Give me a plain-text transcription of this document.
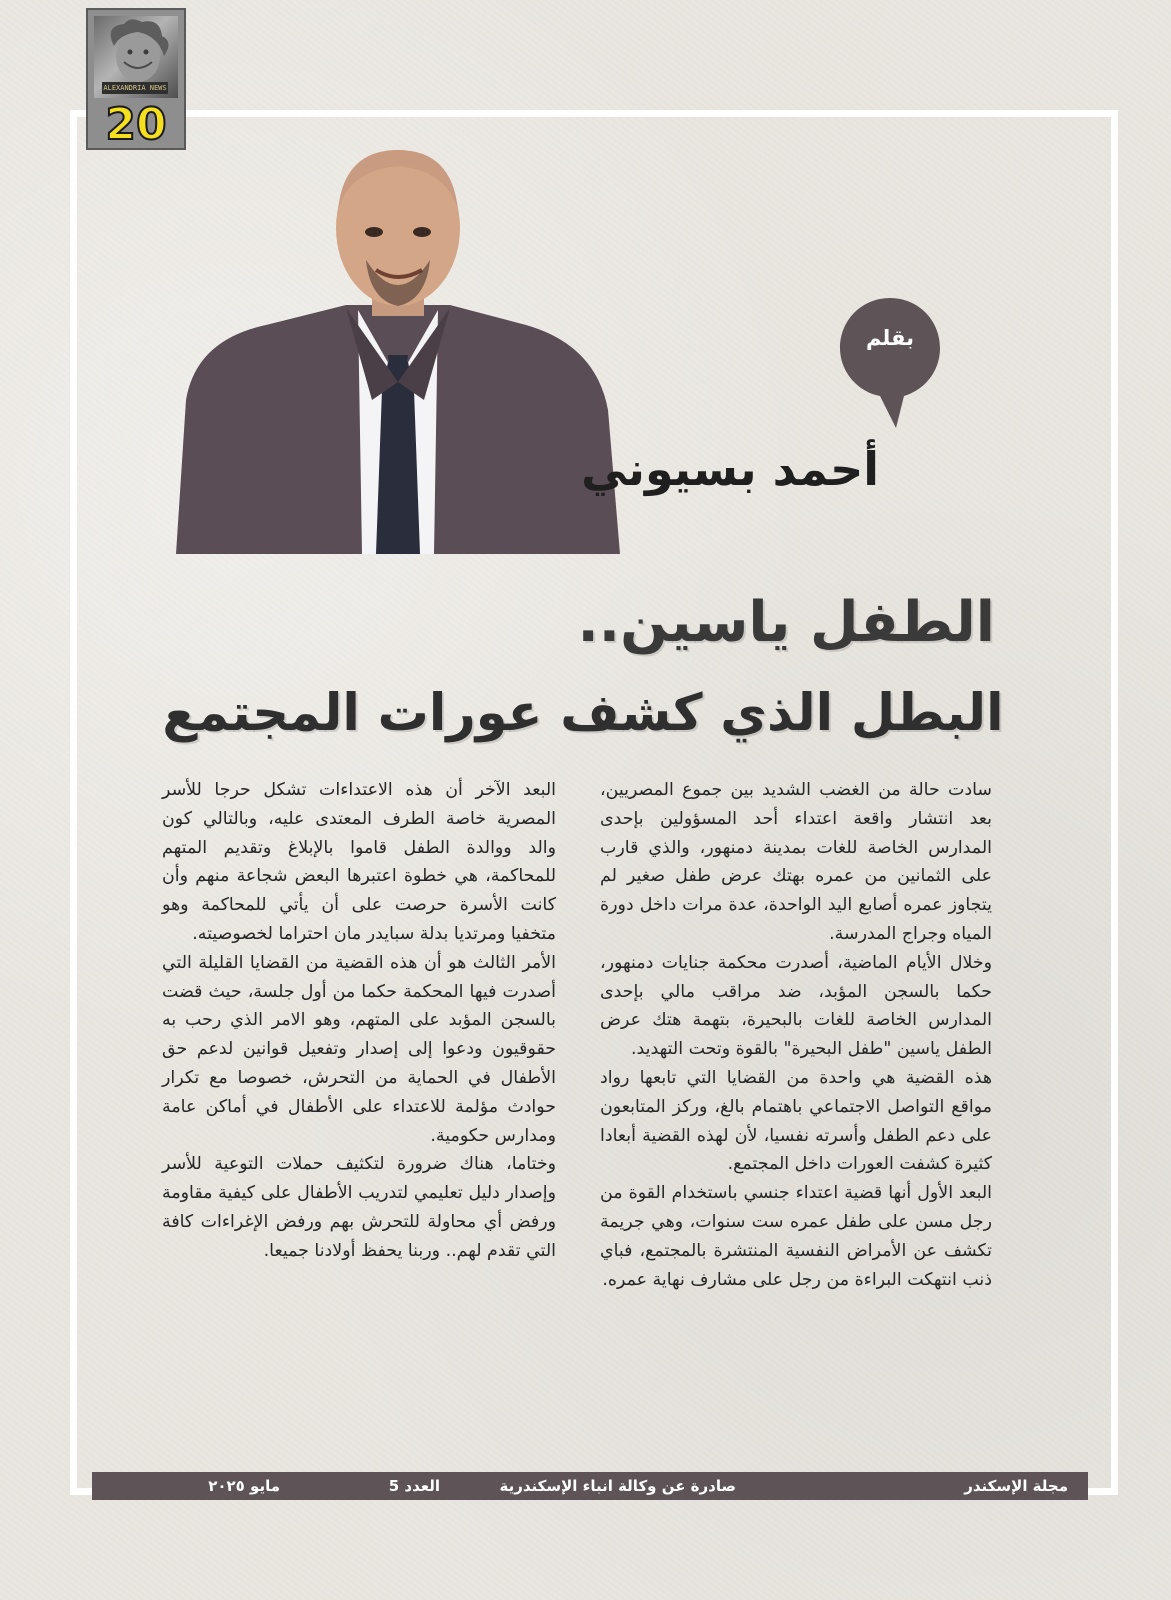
ALEXANDRIA NEWS
20
بقلم
أحمد بسيوني
الطفل ياسين..
البطل الذي كشف عورات المجتمع

سادت حالة من الغضب الشديد بين جموع المصريين، بعد انتشار واقعة اعتداء أحد المسؤولين بإحدى المدارس الخاصة للغات بمدينة دمنهور، والذي قارب على الثمانين من عمره بهتك عرض طفل صغير لم يتجاوز عمره أصابع اليد الواحدة، عدة مرات داخل دورة المياه وجراج المدرسة.

وخلال الأيام الماضية، أصدرت محكمة جنايات دمنهور، حكما بالسجن المؤبد، ضد مراقب مالي بإحدى المدارس الخاصة للغات بالبحيرة، بتهمة هتك عرض الطفل ياسين "طفل البحيرة" بالقوة وتحت التهديد.

هذه القضية هي واحدة من القضايا التي تابعها رواد مواقع التواصل الاجتماعي باهتمام بالغ، وركز المتابعون على دعم الطفل وأسرته نفسيا، لأن لهذه القضية أبعادا كثيرة كشفت العورات داخل المجتمع.

البعد الأول أنها قضية اعتداء جنسي باستخدام القوة من رجل مسن على طفل عمره ست سنوات، وهي جريمة تكشف عن الأمراض النفسية المنتشرة بالمجتمع، فباي ذنب انتهكت البراءة من رجل على مشارف نهاية عمره.

البعد الآخر أن هذه الاعتداءات تشكل حرجا للأسر المصرية خاصة الطرف المعتدى عليه، وبالتالي كون والد ووالدة الطفل قاموا بالإبلاغ وتقديم المتهم للمحاكمة، هي خطوة اعتبرها البعض شجاعة منهم وأن كانت الأسرة حرصت على أن يأتي للمحاكمة وهو متخفيا ومرتديا بدلة سبايدر مان احتراما لخصوصيته.

الأمر الثالث هو أن هذه القضية من القضايا القليلة التي أصدرت فيها المحكمة حكما من أول جلسة، حيث قضت بالسجن المؤبد على المتهم، وهو الامر الذي رحب به حقوقيون ودعوا إلى إصدار وتفعيل قوانين لدعم حق الأطفال في الحماية من التحرش، خصوصا مع تكرار حوادث مؤلمة للاعتداء على الأطفال في أماكن عامة ومدارس حكومية.

وختاما، هناك ضرورة لتكثيف حملات التوعية للأسر وإصدار دليل تعليمي لتدريب الأطفال على كيفية مقاومة ورفض أي محاولة للتحرش بهم ورفض الإغراءات كافة التي تقدم لهم.. وربنا يحفظ أولادنا جميعا.

مجلة الإسكندر
صادرة عن وكالة انباء الإسكندرية
العدد 5
مايو ٢٠٢٥
